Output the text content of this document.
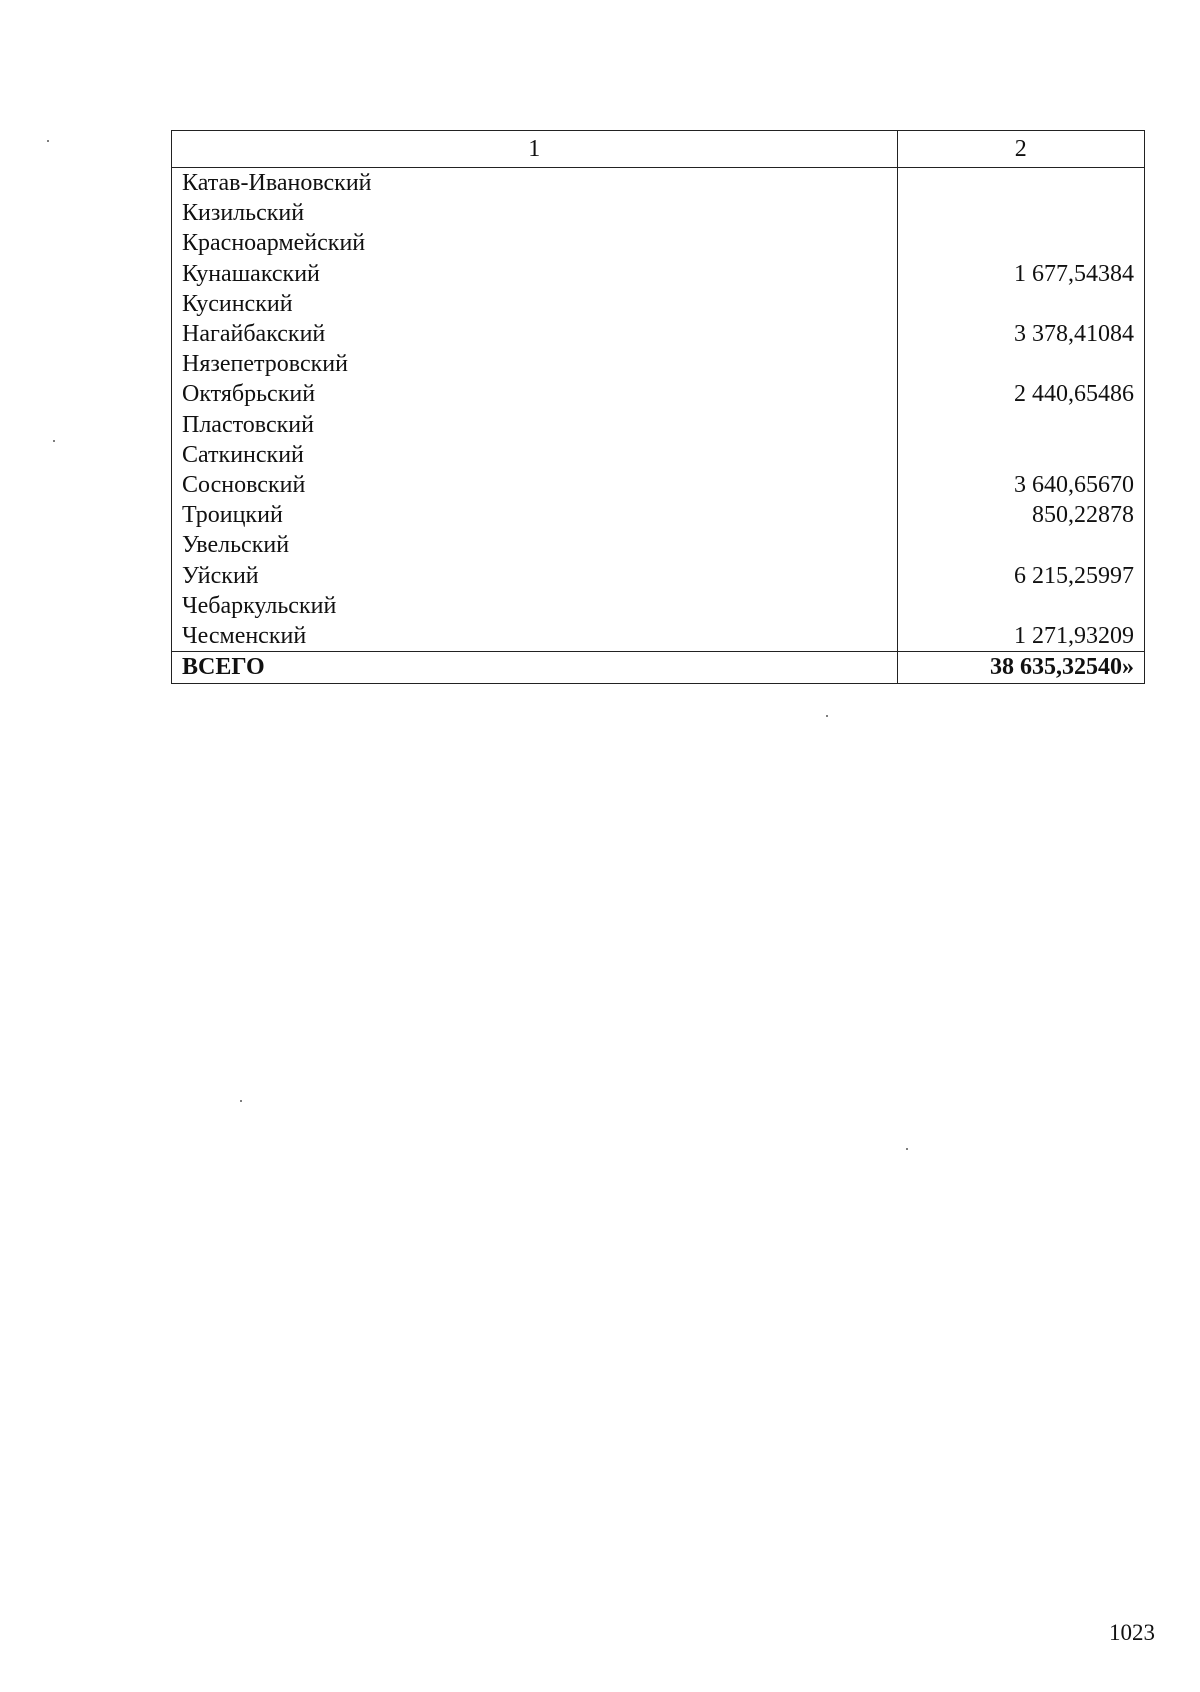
1	2
Катав-Ивановский	
Кизильский	
Красноармейский	
Кунашакский	1 677,54384
Кусинский	
Нагайбакский	3 378,41084
Нязепетровский	
Октябрьский	2 440,65486
Пластовский	
Саткинский	
Сосновский	3 640,65670
Троицкий	850,22878
Увельский	
Уйский	6 215,25997
Чебаркульский	
Чесменский	1 271,93209
ВСЕГО	38 635,32540»
1023
